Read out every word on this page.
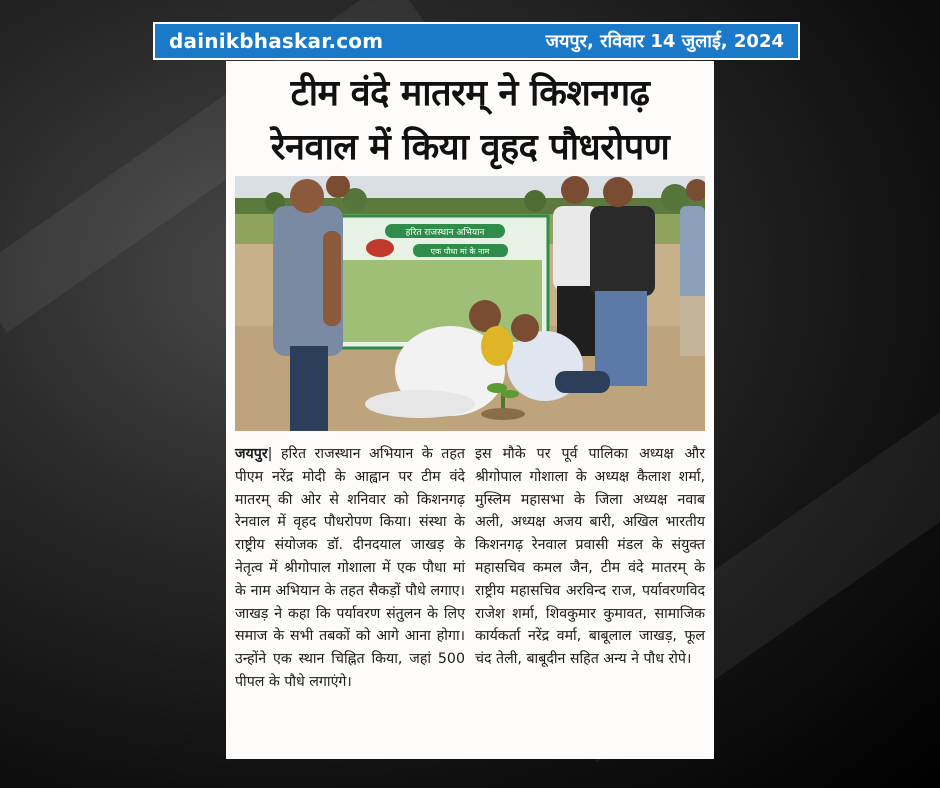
dainikbhaskar.com	जयपुर, रविवार 14 जुलाई, 2024
टीम वंदे मातरम् ने किशनगढ़
रेनवाल में किया वृहद पौधरोपण
हरित राजस्थान अभियान
एक पौधा मां के नाम
जयपुर| हरित राजस्थान अभियान के तहत पीएम नरेंद्र मोदी के आह्वान पर टीम वंदे मातरम् की ओर से शनिवार को किशनगढ़ रेनवाल में वृहद पौधरोपण किया। संस्था के राष्ट्रीय संयोजक डॉ. दीनदयाल जाखड़ के नेतृत्व में श्रीगोपाल गोशाला में एक पौधा मां के नाम अभियान के तहत सैकड़ों पौधे लगाए। जाखड़ ने कहा कि पर्यावरण संतुलन के लिए समाज के सभी तबकों को आगे आना होगा। उन्होंने एक स्थान चिह्नित किया, जहां 500 पीपल के पौधे लगाएंगे।
इस मौके पर पूर्व पालिका अध्यक्ष और श्रीगोपाल गोशाला के अध्यक्ष कैलाश शर्मा, मुस्लिम महासभा के जिला अध्यक्ष नवाब अली, अध्यक्ष अजय बारी, अखिल भारतीय किशनगढ़ रेनवाल प्रवासी मंडल के संयुक्त महासचिव कमल जैन, टीम वंदे मातरम् के राष्ट्रीय महासचिव अरविन्द राज, पर्यावरणविद राजेश शर्मा, शिवकुमार कुमावत, सामाजिक कार्यकर्ता नरेंद्र वर्मा, बाबूलाल जाखड़, फूल चंद तेली, बाबूदीन सहित अन्य ने पौध रोपे।
